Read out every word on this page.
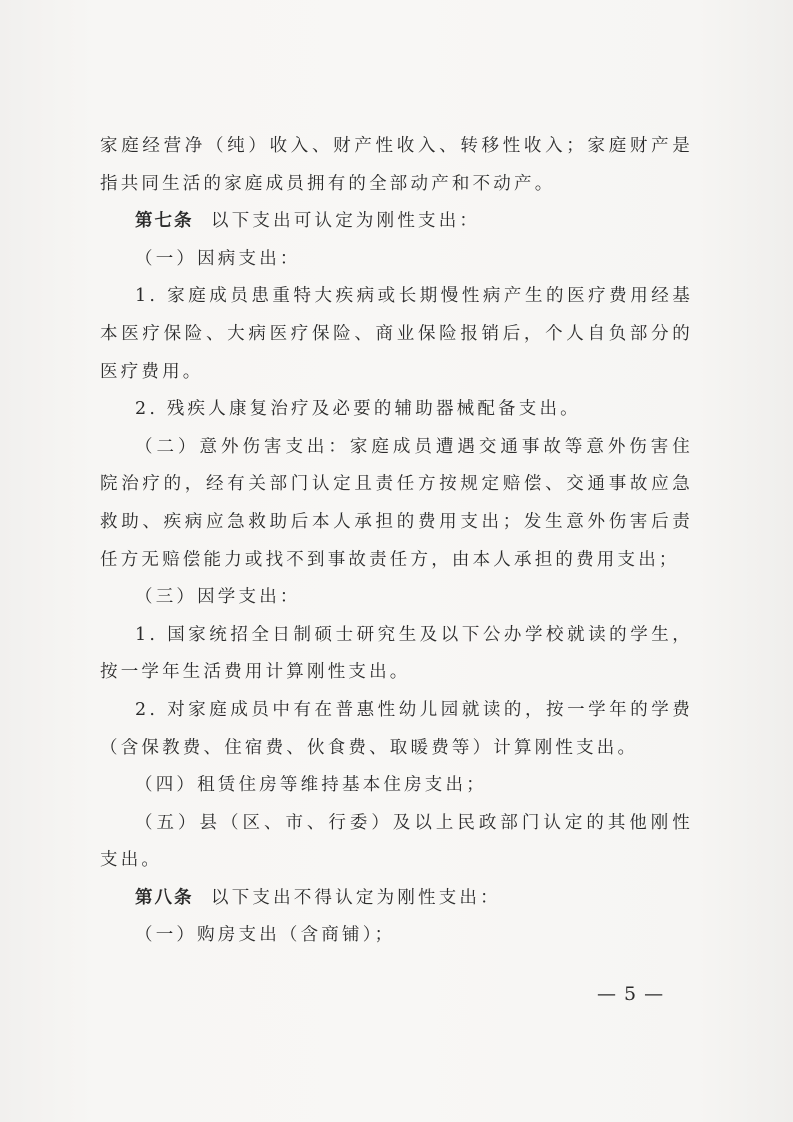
家庭经营净（纯）收入、财产性收入、转移性收入；家庭财产是指共同生活的家庭成员拥有的全部动产和不动产。

第七条  以下支出可认定为刚性支出：

（一）因病支出：

1. 家庭成员患重特大疾病或长期慢性病产生的医疗费用经基本医疗保险、大病医疗保险、商业保险报销后，个人自负部分的医疗费用。

2. 残疾人康复治疗及必要的辅助器械配备支出。

（二）意外伤害支出：家庭成员遭遇交通事故等意外伤害住院治疗的，经有关部门认定且责任方按规定赔偿、交通事故应急救助、疾病应急救助后本人承担的费用支出；发生意外伤害后责任方无赔偿能力或找不到事故责任方，由本人承担的费用支出；

（三）因学支出：

1. 国家统招全日制硕士研究生及以下公办学校就读的学生，按一学年生活费用计算刚性支出。

2. 对家庭成员中有在普惠性幼儿园就读的，按一学年的学费（含保教费、住宿费、伙食费、取暖费等）计算刚性支出。

（四）租赁住房等维持基本住房支出；

（五）县（区、市、行委）及以上民政部门认定的其他刚性支出。

第八条  以下支出不得认定为刚性支出：

（一）购房支出（含商铺）；

— 5 —
